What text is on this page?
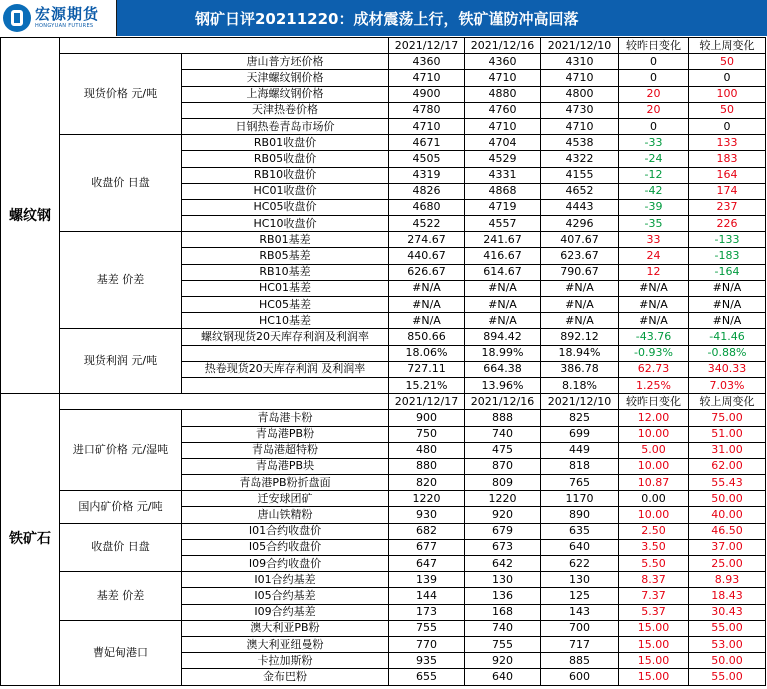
宏源期货
HONGYUAN FUTURES	钢矿日评20211220：成材震荡上行，铁矿谨防冲高回落
螺纹钢			2021/12/17	2021/12/16	2021/12/10	较昨日变化	较上周变化
	现货价格 元/吨	唐山普方坯价格	4360	4360	4310	0	50
		天津螺纹钢价格	4710	4710	4710	0	0
		上海螺纹钢价格	4900	4880	4800	20	100
		天津热卷价格	4780	4760	4730	20	50
		日钢热卷青岛市场价	4710	4710	4710	0	0
	收盘价 日盘	RB01收盘价	4671	4704	4538	-33	133
		RB05收盘价	4505	4529	4322	-24	183
		RB10收盘价	4319	4331	4155	-12	164
		HC01收盘价	4826	4868	4652	-42	174
		HC05收盘价	4680	4719	4443	-39	237
		HC10收盘价	4522	4557	4296	-35	226
	基差 价差	RB01基差	274.67	241.67	407.67	33	-133
		RB05基差	440.67	416.67	623.67	24	-183
		RB10基差	626.67	614.67	790.67	12	-164
		HC01基差	#N/A	#N/A	#N/A	#N/A	#N/A
		HC05基差	#N/A	#N/A	#N/A	#N/A	#N/A
		HC10基差	#N/A	#N/A	#N/A	#N/A	#N/A
	现货利润 元/吨	螺纹钢现货20天库存利润及利润率	850.66	894.42	892.12	-43.76	-41.46
			18.06%	18.99%	18.94%	-0.93%	-0.88%
		热卷现货20天库存利润 及利润率	727.11	664.38	386.78	62.73	340.33
			15.21%	13.96%	8.18%	1.25%	7.03%
铁矿石			2021/12/17	2021/12/16	2021/12/10	较昨日变化	较上周变化
	进口矿价格 元/湿吨	青岛港卡粉	900	888	825	12.00	75.00
		青岛港PB粉	750	740	699	10.00	51.00
		青岛港超特粉	480	475	449	5.00	31.00
		青岛港PB块	880	870	818	10.00	62.00
		青岛港PB粉折盘面	820	809	765	10.87	55.43
	国内矿价格 元/吨	迁安球团矿	1220	1220	1170	0.00	50.00
		唐山铁精粉	930	920	890	10.00	40.00
	收盘价 日盘	I01合约收盘价	682	679	635	2.50	46.50
		I05合约收盘价	677	673	640	3.50	37.00
		I09合约收盘价	647	642	622	5.50	25.00
	基差 价差	I01合约基差	139	130	130	8.37	8.93
		I05合约基差	144	136	125	7.37	18.43
		I09合约基差	173	168	143	5.37	30.43
	曹妃甸港口	澳大利亚PB粉	755	740	700	15.00	55.00
		澳大利亚纽曼粉	770	755	717	15.00	53.00
		卡拉加斯粉	935	920	885	15.00	50.00
		金布巴粉	655	640	600	15.00	55.00
